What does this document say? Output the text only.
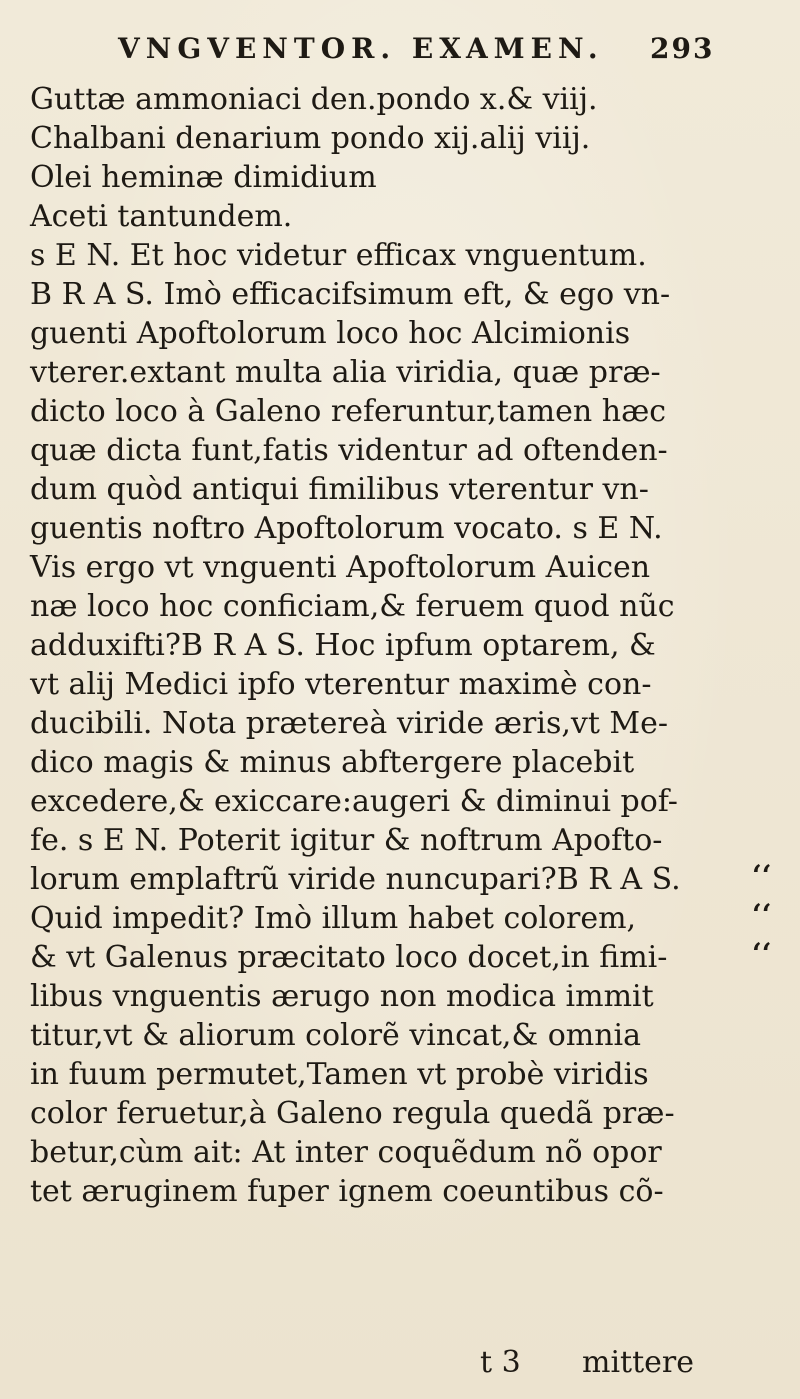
VNGVENTOR. EXAMEN. 293
Guttæ ammoniaci den.pondo x.& viij.
Chalbani denarium pondo xij.alij viij.
Olei heminæ dimidium
Aceti tantundem.
s E N. Et hoc videtur efficax vnguentum.
B R A S. Imò efficacifsimum eft, & ego vn-
guenti Apoftolorum loco hoc Alcimionis
vterer.extant multa alia viridia, quæ præ-
dicto loco à Galeno referuntur,tamen hæc
quæ dicta funt,fatis videntur ad oftenden-
dum quòd antiqui fimilibus vterentur vn-
guentis noftro Apoftolorum vocato. s E N.
Vis ergo vt vnguenti Apoftolorum Auicen
næ loco hoc conficiam,& feruem quod nũc
adduxifti?B R A S. Hoc ipfum optarem, &
vt alij Medici ipfo vterentur maximè con-
ducibili. Nota prætereà viride æris,vt Me-
dico magis & minus abftergere placebit
excedere,& exiccare:augeri & diminui pof-
fe. s E N. Poterit igitur & noftrum Apofto-
lorum emplaftrũ viride nuncupari?B R A S.
Quid impedit? Imò illum habet colorem,
& vt Galenus præcitato loco docet,in fimi-
libus vnguentis ærugo non modica immit
titur,vt & aliorum colorẽ vincat,& omnia
in fuum permutet,Tamen vt probè viridis
color feruetur,à Galeno regula quedã præ-
betur,cùm ait: At inter coquẽdum nõ opor
tet æruginem fuper ignem coeuntibus cõ-
‘‘
‘‘
‘‘
t 3 mittere
